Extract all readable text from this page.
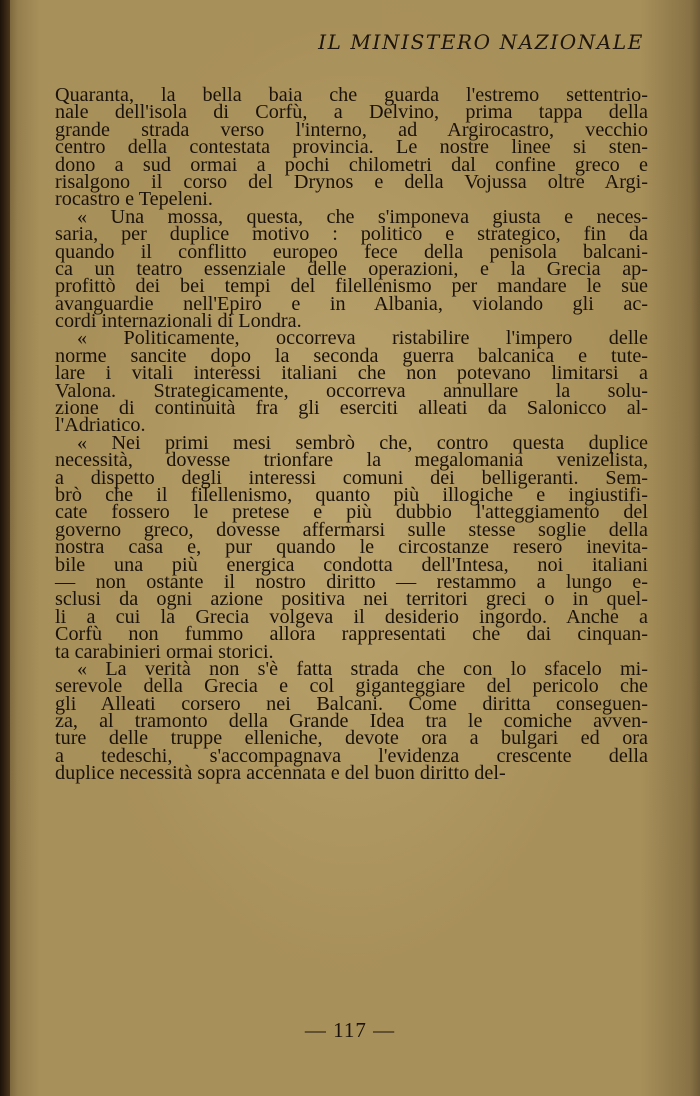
IL MINISTERO NAZIONALE
Quaranta, la bella baia che guarda l'estremo settentrio-
nale dell'isola di Corfù, a Delvino, prima tappa della
grande strada verso l'interno, ad Argirocastro, vecchio
centro della contestata provincia. Le nostre linee si sten-
dono a sud ormai a pochi chilometri dal confine greco e
risalgono il corso del Drynos e della Vojussa oltre Argi-
rocastro e Tepeleni.
« Una mossa, questa, che s'imponeva giusta e neces-
saria, per duplice motivo : politico e strategico, fin da
quando il conflitto europeo fece della penisola balcani-
ca un teatro essenziale delle operazioni, e la Grecia ap-
profittò dei bei tempi del filellenismo per mandare le sue
avanguardie nell'Epiro e in Albania, violando gli ac-
cordi internazionali di Londra.
« Politicamente, occorreva ristabilire l'impero delle
norme sancite dopo la seconda guerra balcanica e tute-
lare i vitali interessi italiani che non potevano limitarsi a
Valona. Strategicamente, occorreva annullare la solu-
zione di continuità fra gli eserciti alleati da Salonicco al-
l'Adriatico.
« Nei primi mesi sembrò che, contro questa duplice
necessità, dovesse trionfare la megalomania venizelista,
a dispetto degli interessi comuni dei belligeranti. Sem-
brò che il filellenismo, quanto più illogiche e ingiustifi-
cate fossero le pretese e più dubbio l'atteggiamento del
governo greco, dovesse affermarsi sulle stesse soglie della
nostra casa e, pur quando le circostanze resero inevita-
bile una più energica condotta dell'Intesa, noi italiani
— non ostante il nostro diritto — restammo a lungo e-
sclusi da ogni azione positiva nei territori greci o in quel-
li a cui la Grecia volgeva il desiderio ingordo. Anche a
Corfù non fummo allora rappresentati che dai cinquan-
ta carabinieri ormai storici.
« La verità non s'è fatta strada che con lo sfacelo mi-
serevole della Grecia e col giganteggiare del pericolo che
gli Alleati corsero nei Balcani. Come diritta conseguen-
za, al tramonto della Grande Idea tra le comiche avven-
ture delle truppe elleniche, devote ora a bulgari ed ora
a tedeschi, s'accompagnava l'evidenza crescente della
duplice necessità sopra accennata e del buon diritto del-
— 117 —
